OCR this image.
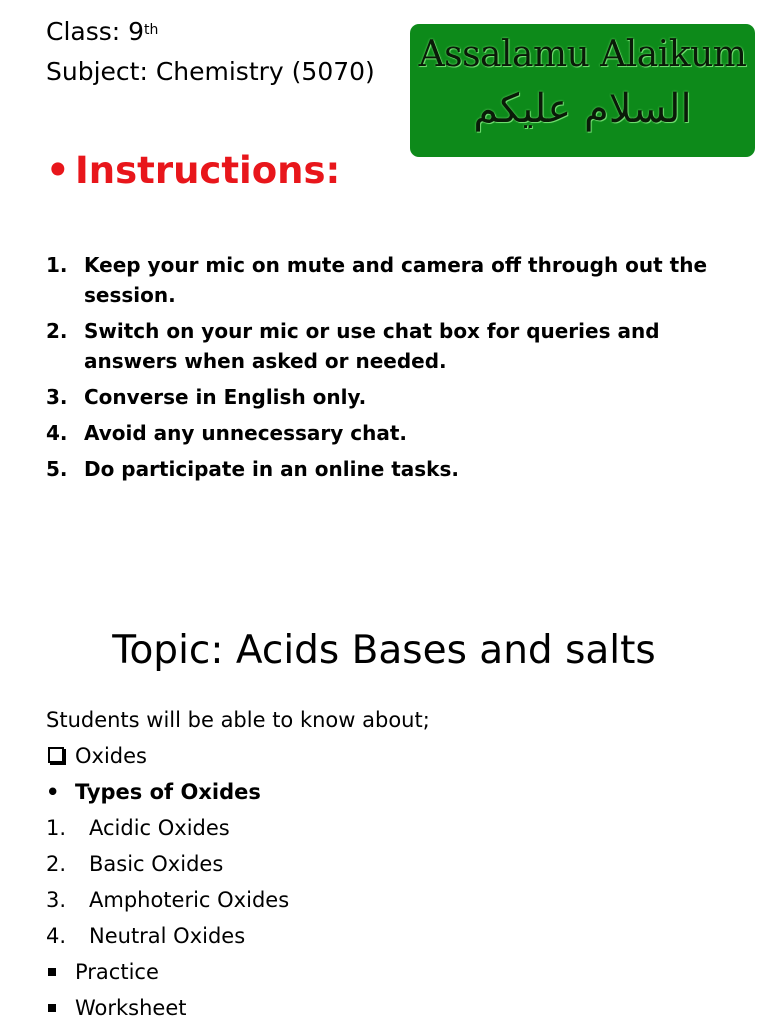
Class: 9th
Subject: Chemistry (5070) Assalamu Alaikum
السلام عليكم
• Instructions:
1. Keep your mic on mute and camera off through out the session.
2. Switch on your mic or use chat box for queries and answers when asked or needed.
3. Converse in English only.
4. Avoid any unnecessary chat.
5. Do participate in an online tasks.
Topic: Acids Bases and salts
Students will be able to know about;
Oxides
• Types of Oxides
1.	Acidic Oxides
2.	Basic Oxides
3.	Amphoteric Oxides
4.	Neutral Oxides
Practice
Worksheet
